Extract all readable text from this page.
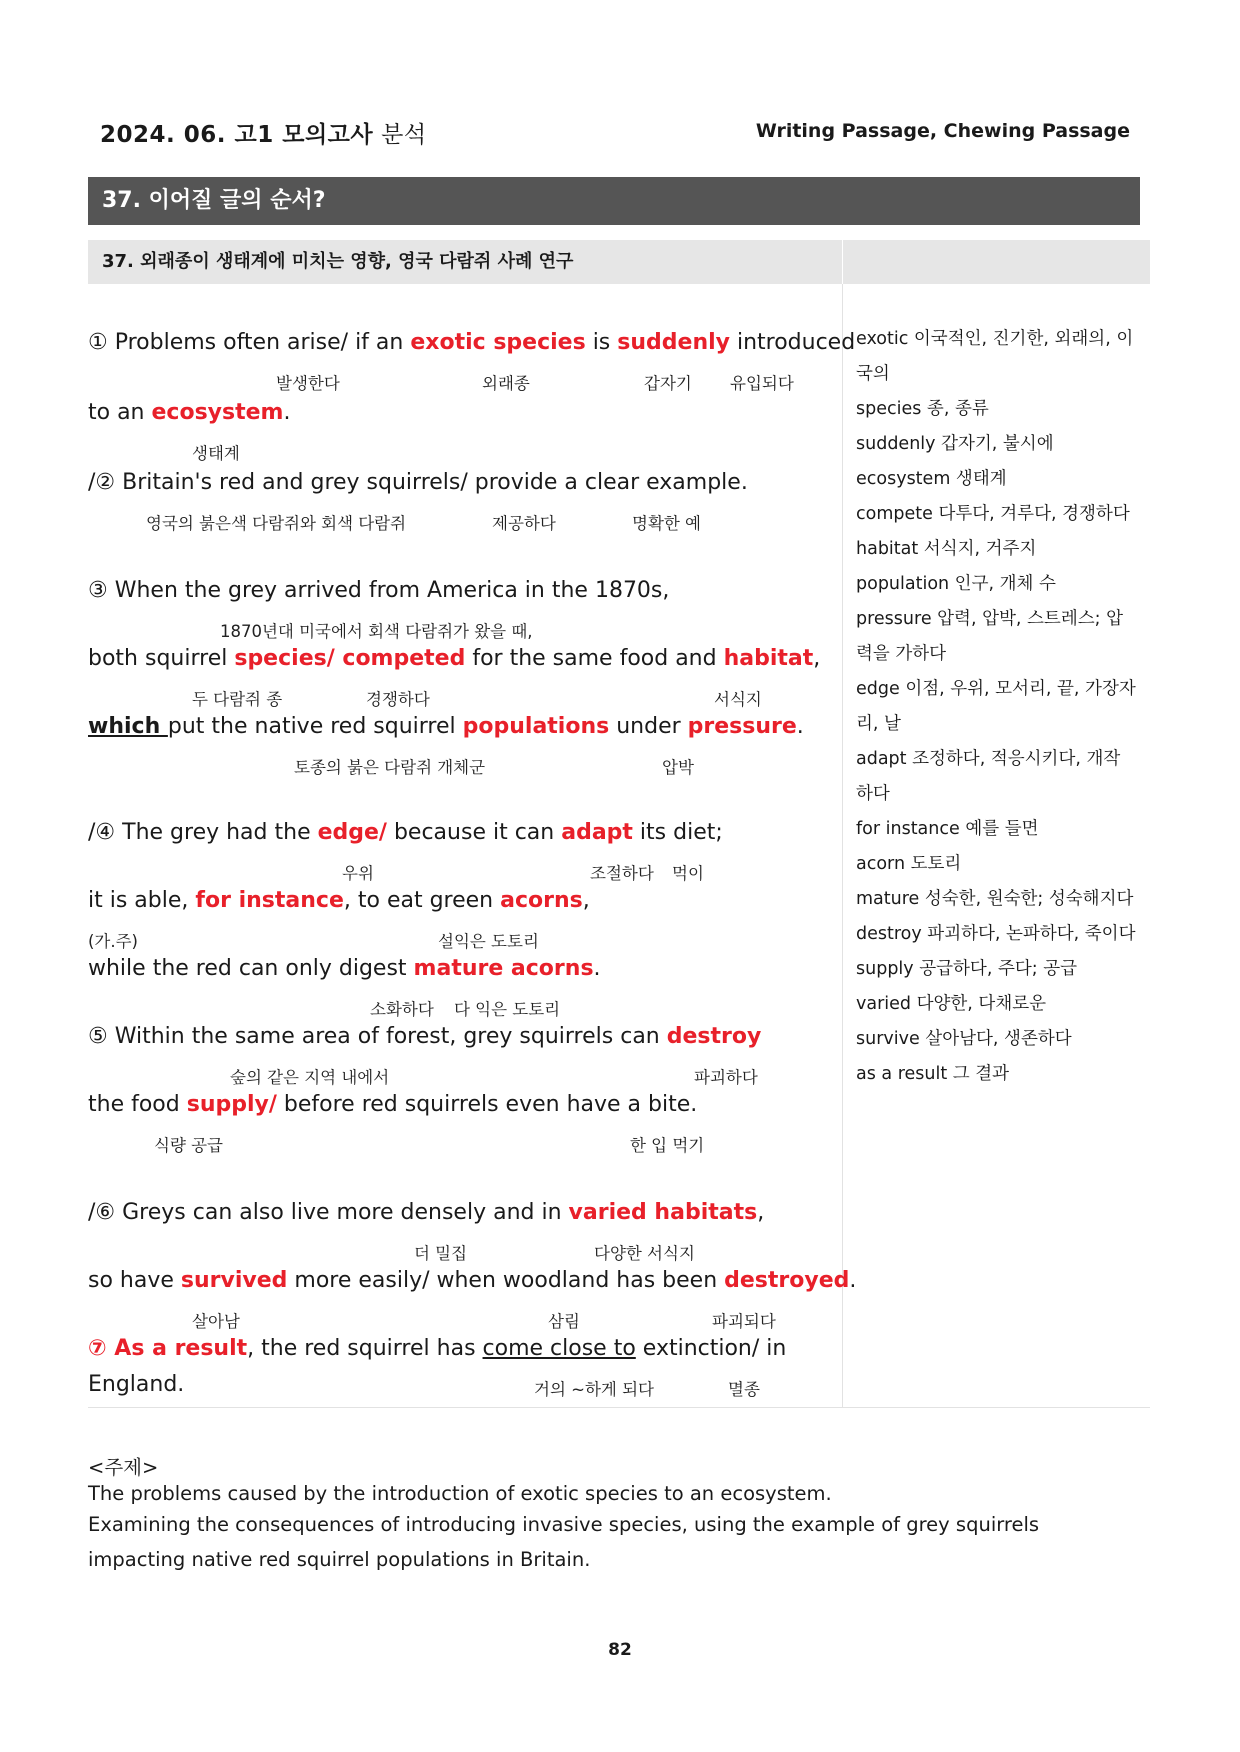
2024. 06. 고1 모의고사 분석	Writing Passage, Chewing Passage
37. 이어질 글의 순서?
37. 외래종이 생태계에 미치는 영향, 영국 다람쥐 사례 연구
① Problems often arise/ if an exotic species is suddenly introduced
발생한다	외래종	갑자기 유입되다
to an ecosystem.
생태계
/② Britain's red and grey squirrels/ provide a clear example.
영국의 붉은색 다람쥐와 회색 다람쥐	제공하다	명확한 예
③ When the grey arrived from America in the 1870s,
1870년대 미국에서 회색 다람쥐가 왔을 때,
both squirrel species/ competed for the same food and habitat,
두 다람쥐 종	경쟁하다	서식지
which put the native red squirrel populations under pressure.
토종의 붉은 다람쥐 개체군	압박
/④ The grey had the edge/ because it can adapt its diet;
우위	조절하다 먹이
it is able, for instance, to eat green acorns,
(가.주)	설익은 도토리
while the red can only digest mature acorns.
소화하다 다 익은 도토리
⑤ Within the same area of forest, grey squirrels can destroy
숲의 같은 지역 내에서	파괴하다
the food supply/ before red squirrels even have a bite.
식량 공급	한 입 먹기
/⑥ Greys can also live more densely and in varied habitats,
더 밀집	다양한 서식지
so have survived more easily/ when woodland has been destroyed.
살아남	삼림	파괴되다
⑦ As a result, the red squirrel has come close to extinction/ in
England.	거의 ~하게 되다	멸종
exotic 이국적인, 진기한, 외래의, 이국의
species 종, 종류
suddenly 갑자기, 불시에
ecosystem 생태계
compete 다투다, 겨루다, 경쟁하다
habitat 서식지, 거주지
population 인구, 개체 수
pressure 압력, 압박, 스트레스; 압력을 가하다
edge 이점, 우위, 모서리, 끝, 가장자리, 날
adapt 조정하다, 적응시키다, 개작하다
for instance 예를 들면
acorn 도토리
mature 성숙한, 원숙한; 성숙해지다
destroy 파괴하다, 논파하다, 죽이다
supply 공급하다, 주다; 공급
varied 다양한, 다채로운
survive 살아남다, 생존하다
as a result 그 결과
<주제>
The problems caused by the introduction of exotic species to an ecosystem.
Examining the consequences of introducing invasive species, using the example of grey squirrels
impacting native red squirrel populations in Britain.
82
